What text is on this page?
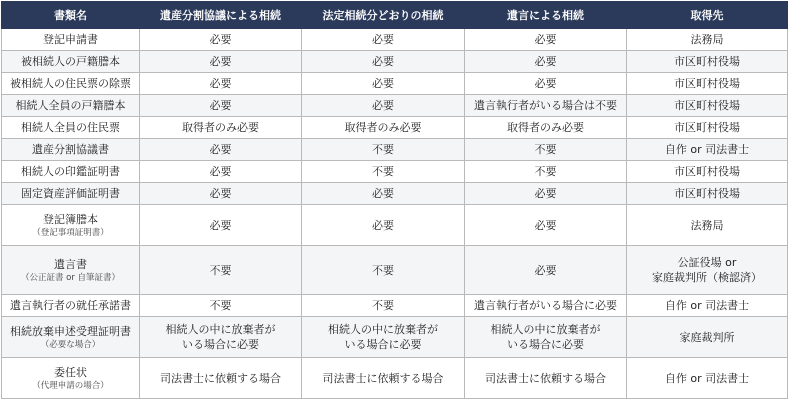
書類名	遺産分割協議による相続	法定相続分どおりの相続	遺言による相続	取得先

登記申請書	必要	必要	必要	法務局

被相続人の戸籍謄本	必要	必要	必要	市区町村役場

被相続人の住民票の除票	必要	必要	必要	市区町村役場

相続人全員の戸籍謄本	必要	必要	遺言執行者がいる場合は不要	市区町村役場

相続人全員の住民票	取得者のみ必要	取得者のみ必要	取得者のみ必要	市区町村役場

遺産分割協議書	必要	不要	不要	自作 or 司法書士

相続人の印鑑証明書	必要	不要	不要	市区町村役場

固定資産評価証明書	必要	必要	必要	市区町村役場

登記簿謄本
（登記事項証明書）	必要	必要	必要	法務局

遺言書
（公正証書 or 自筆証書）	不要	不要	必要	公証役場 or
家庭裁判所（検認済）

遺言執行者の就任承諾書	不要	不要	遺言執行者がいる場合に必要	自作 or 司法書士

相続放棄申述受理証明書
（必要な場合）	相続人の中に放棄者が
いる場合に必要	相続人の中に放棄者が
いる場合に必要	相続人の中に放棄者が
いる場合に必要	家庭裁判所

委任状
（代理申請の場合）	司法書士に依頼する場合	司法書士に依頼する場合	司法書士に依頼する場合	自作 or 司法書士
